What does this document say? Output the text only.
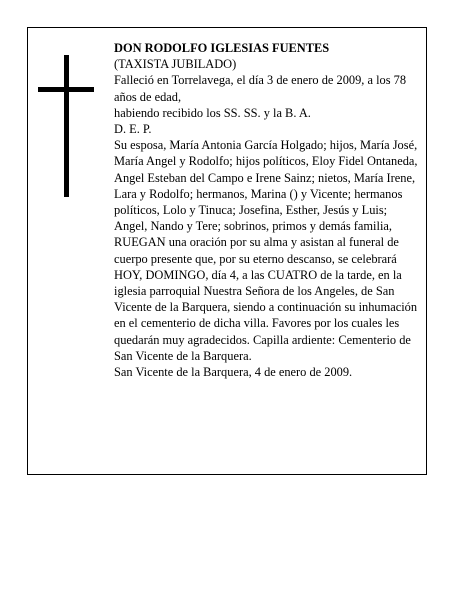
DON RODOLFO IGLESIAS FUENTES

(TAXISTA JUBILADO)

Falleció en Torrelavega, el día 3 de enero de 2009, a los 78 años de edad,

habiendo recibido los SS. SS. y la B. A.

D. E. P.

Su esposa, María Antonia García Holgado; hijos, María José, María Angel y Rodolfo; hijos políticos, Eloy Fidel Ontaneda, Angel Esteban del Campo e Irene Sainz; nietos, María Irene, Lara y Rodolfo; hermanos, Marina () y Vicente; hermanos políticos, Lolo y Tinuca; Josefina, Esther, Jesús y Luis; Angel, Nando y Tere; sobrinos, primos y demás familia,

RUEGAN una oración por su alma y asistan al funeral de cuerpo presente que, por su eterno descanso, se celebrará HOY, DOMINGO, día 4, a las CUATRO de la tarde, en la iglesia parroquial Nuestra Señora de los Angeles, de San Vicente de la Barquera, siendo a continuación su inhumación en el cementerio de dicha villa. Favores por los cuales les quedarán muy agradecidos. Capilla ardiente: Cementerio de San Vicente de la Barquera.

San Vicente de la Barquera, 4 de enero de 2009.
